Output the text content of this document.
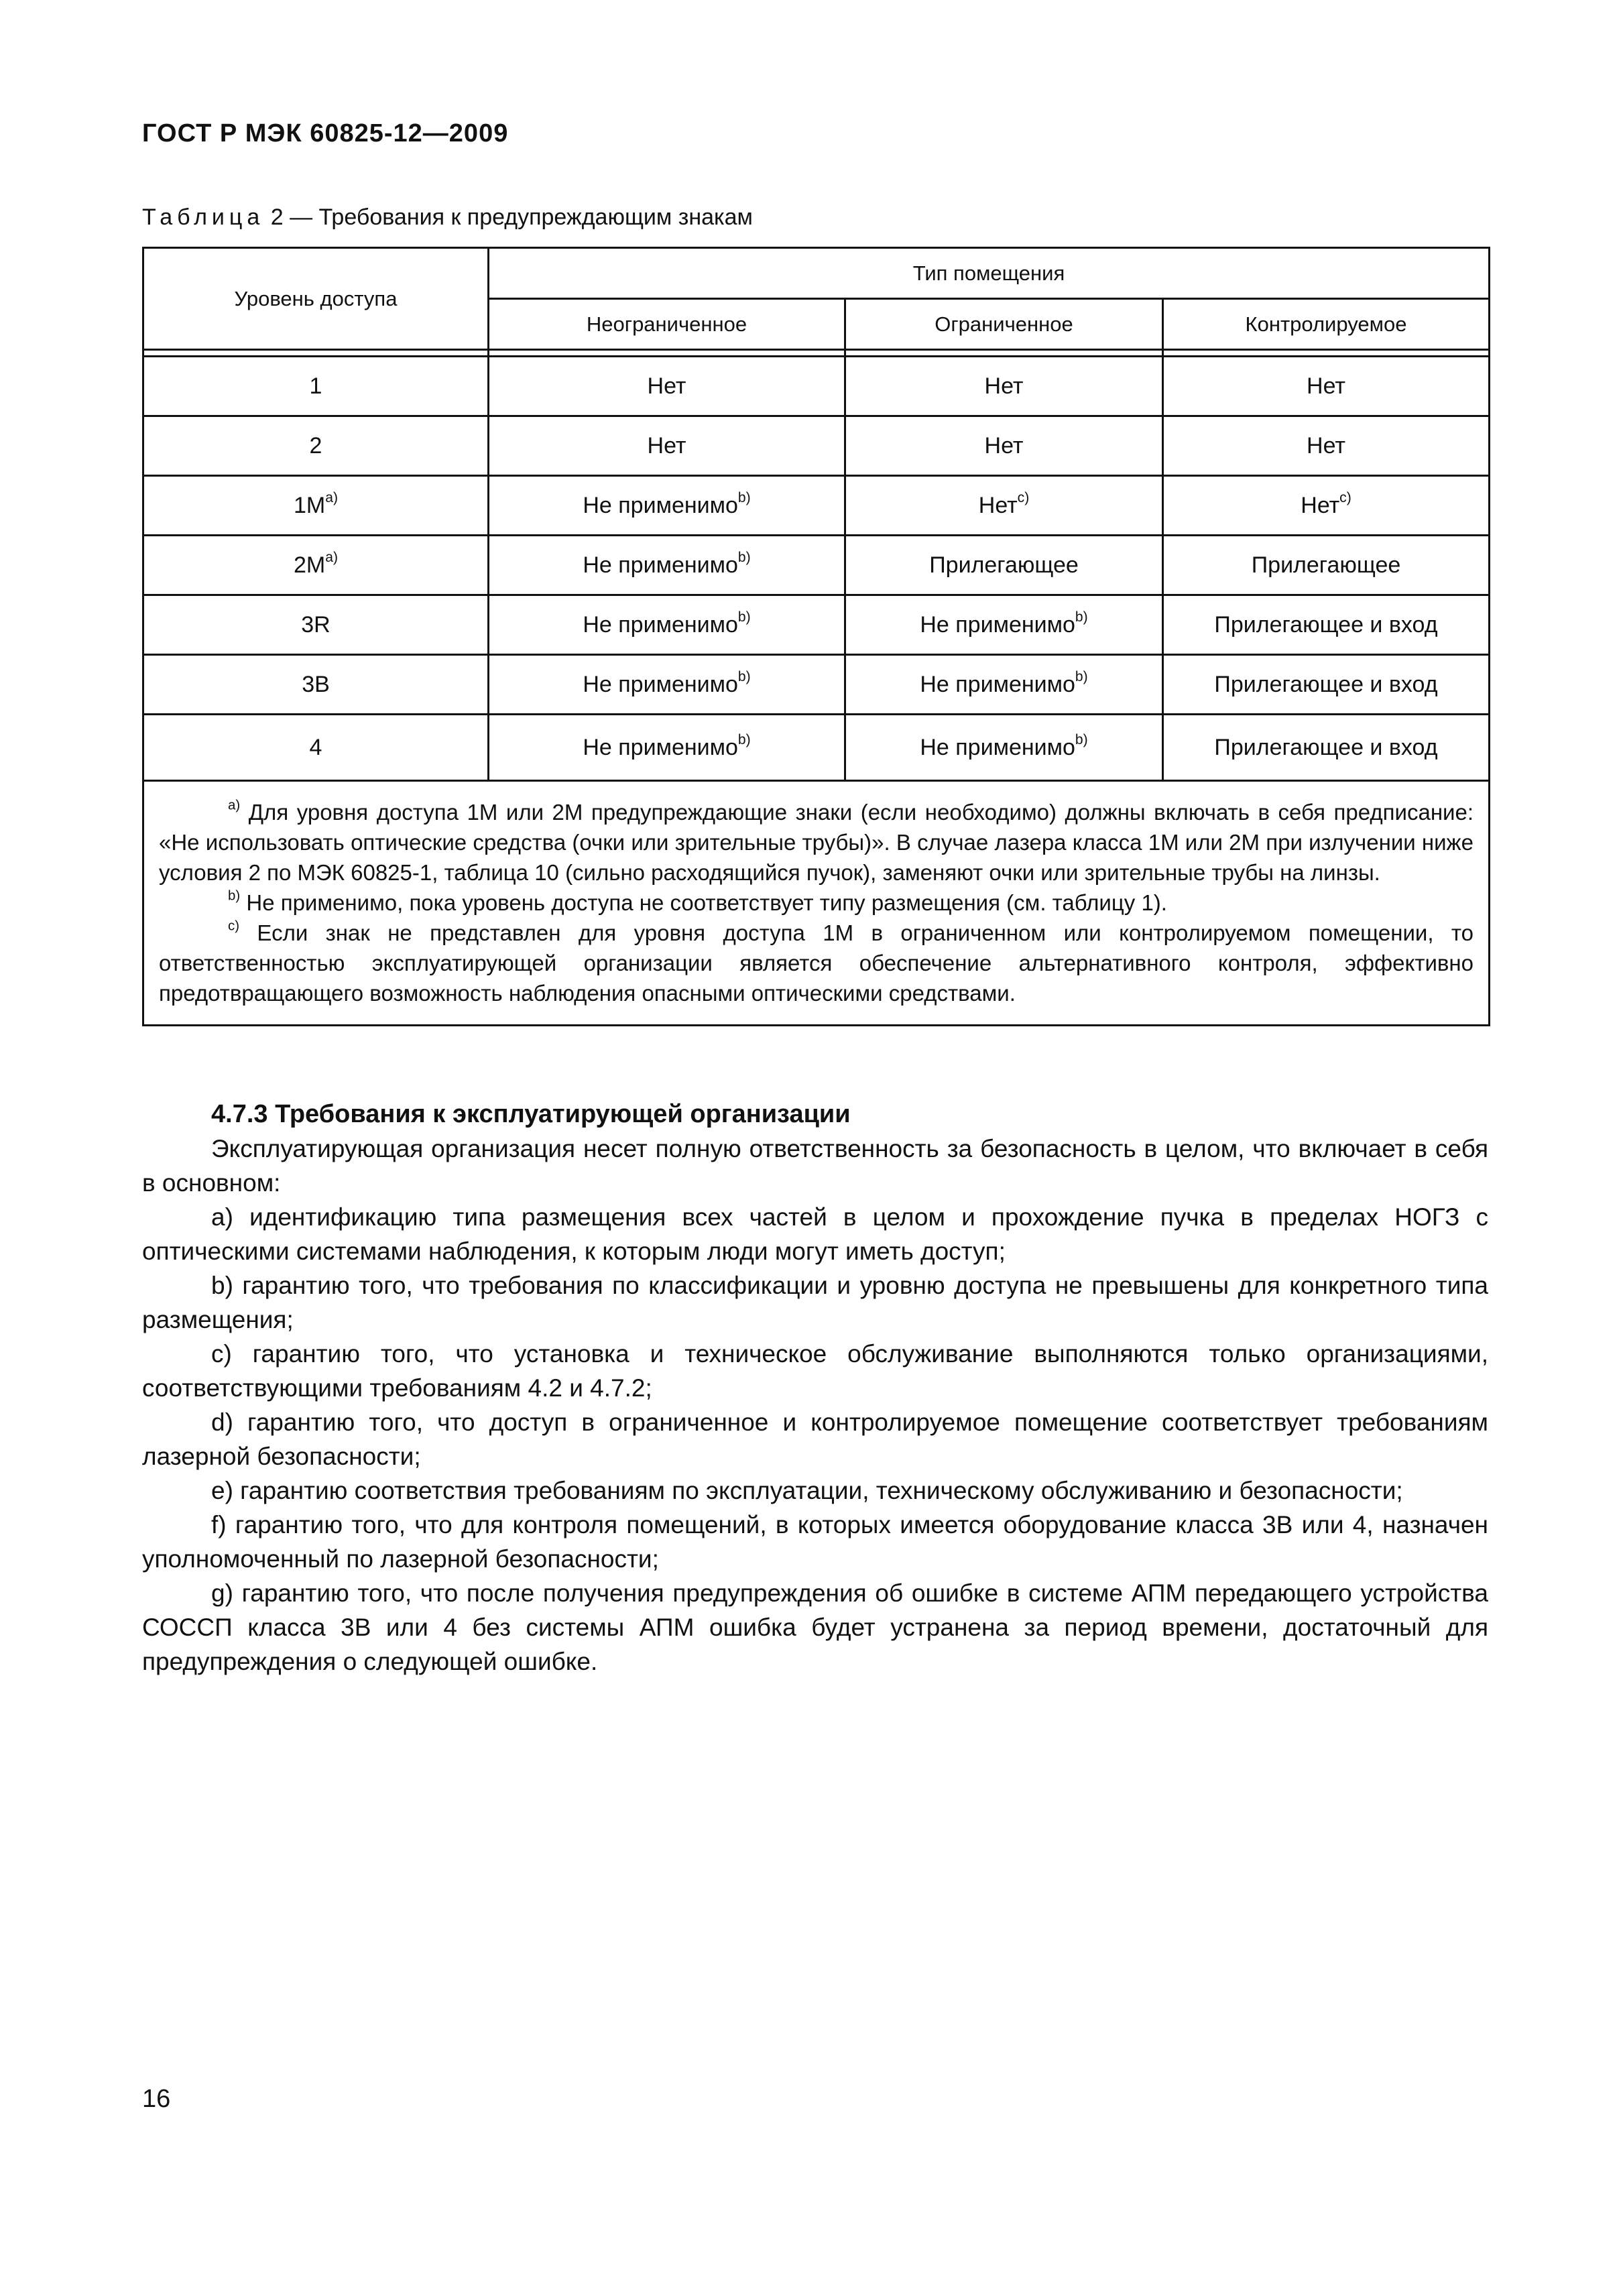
ГОСТ Р МЭК 60825-12—2009

Таблица 2 — Требования к предупреждающим знакам

Уровень доступа	Тип помещения		
	Неограниченное	Ограниченное	Контролируемое

1	Нет	Нет	Нет
2	Нет	Нет	Нет
$1M^{a)}$	Не применимо$^{b)}$	Нет$^{c)}$	Нет$^{c)}$
$2M^{a)}$	Не применимо$^{b)}$	Прилегающее	Прилегающее
3R	Не применимо$^{b)}$	Не применимо$^{b)}$	Прилегающее и вход
3B	Не применимо$^{b)}$	Не применимо$^{b)}$	Прилегающее и вход
4	Не применимо$^{b)}$	Не применимо$^{b)}$	Прилегающее и вход

$^{a)}$ Для уровня доступа 1М или 2М предупреждающие знаки (если необходимо) должны включать в себя предписание: «Не использовать оптические средства (очки или зрительные трубы)». В случае лазера класса 1М или 2М при излучении ниже условия 2 по МЭК 60825-1, таблица 10 (сильно расходящийся пучок), заменяют очки или зрительные трубы на линзы.

$^{b)}$ Не применимо, пока уровень доступа не соответствует типу размещения (см. таблицу 1).

$^{c)}$ Если знак не представлен для уровня доступа 1М в ограниченном или контролируемом помещении, то ответственностью эксплуатирующей организации является обеспечение альтернативного контроля, эффективно предотвращающего возможность наблюдения опасными оптическими средствами.			

4.7.3 Требования к эксплуатирующей организации

Эксплуатирующая организация несет полную ответственность за безопасность в целом, что включает в себя в основном:

a) идентификацию типа размещения всех частей в целом и прохождение пучка в пределах НОГЗ с оптическими системами наблюдения, к которым люди могут иметь доступ;

b) гарантию того, что требования по классификации и уровню доступа не превышены для конкретного типа размещения;

c) гарантию того, что установка и техническое обслуживание выполняются только организациями, соответствующими требованиям 4.2 и 4.7.2;

d) гарантию того, что доступ в ограниченное и контролируемое помещение соответствует требованиям лазерной безопасности;

e) гарантию соответствия требованиям по эксплуатации, техническому обслуживанию и безопасности;

f) гарантию того, что для контроля помещений, в которых имеется оборудование класса 3B или 4, назначен уполномоченный по лазерной безопасности;

g) гарантию того, что после получения предупреждения об ошибке в системе АПМ передающего устройства СОССП класса 3B или 4 без системы АПМ ошибка будет устранена за период времени, достаточный для предупреждения о следующей ошибке.

16
